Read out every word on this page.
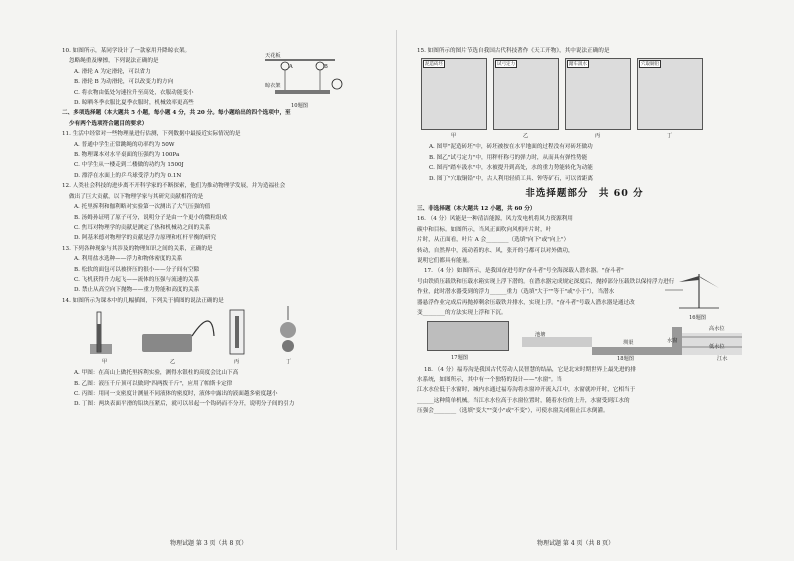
10. 如图所示，某同学设计了一款家用升降晾衣架。
忽略绳重及摩擦，下列说法正确的是
A. 滑轮 A 为定滑轮，可以省力
B. 滑轮 B 为动滑轮，可以改变力的方向
C. 将衣物由低处匀速拉升至高处，衣服动能变小
D. 晾晒冬季衣服比夏季衣服时，机械效率更高些
二、多项选择题（本大题共 5 小题，每小题 4 分，共 20 分。每小题给出的四个选项中，至
少有两个选项符合题目的要求）
11. 生活中经常对一些物理量进行估测，下列数据中最接近实际情况的是
A. 普通中学生正常跳绳的功率约为 50W
B. 物理课本对水平桌面的压强约为 100Pa
C. 中学生从一楼走到二楼做的功约为 1500J
D. 漂浮在水面上的乒乓球受浮力约为 0.1N
12. 人类社会科技的进步离不开科学家的不断探索，他们为推动物理学发展，并为造福社会
做出了巨大贡献，以下物理学家与其研究贡献相符的是
A. 托里拆利和伽利略对实验第一次测出了大气压强的值
B. 汤姆孙证明了原子可分，说明分子是由一个更小的微粒组成
C. 焦耳对物理学的贡献是测定了热和机械功之间的关系
D. 阿基米德对物理学的贡献是浮力原理和杠杆平衡的研究
13. 下列各种现象与其涉及的物理知识之间的关系，正确的是
A. 利用盐水选种——浮力和物体密度的关系
B. 松软的面包可以被挤压的很小——分子间有空隙
C. 飞机获得升力起飞——流体的压强与流速的关系
D. 禁止从高空向下抛物——重力势能和高度的关系
14. 如图所示为课本中的几幅插图，下列关于插图的说法正确的是
甲	乙	丙	丁
A. 甲图：在高山上做托里拆利实验，测得水银柱的高度会比山下高
B. 乙图：液压千斤顶可以做到"四两拨千斤"，应用了帕斯卡定律
C. 丙图：用同一支密度计测量不同液体的密度时，液体中露出的液面越多密度越小
D. 丁图：两块表面平滑的铅块压紧后，就可以吊起一个钩码而不分开，说明分子间的引力
物理试题 第 3 页（共 8 页）
天花板
晾衣架
A	B
10题图
15. 如图所示的图片节选自我国古代科技著作《天工开物》，其中说法正确的是
泥造砖坯	试弓定力	踏车汲水	穴取铜铅
甲	乙	丙	丁
A. 图甲"泥造砖坯"中，砖坯被按在水平地面的过程没有对砖坯做功
B. 图乙"试弓定力"中，用秤杆称弓的弹力时，从而具有弹性势能
C. 图丙"踏车汲水"中，水被提升到高处，水的重力势能转化为动能
D. 图丁"穴取铜铅"中，古人利用轻质工具、钟等矿石，可以省距离
非选择题部分　共 60 分
三、非选择题（本大题共 12 小题，共 60 分）
16. （4 分）风能是一种清洁能源，风力发电机将风力资源利用
碳中和目标。如图所示，当风正面吹向风机叶片时，叶
片时，从正面看，叶片 A 会________（选填"向下"或"向上"）
转动，自然界中，流动着的水、风，张开的弓都可以对外做功，
说明它们都具有能量。
17. （4 分）如图所示，是我国奋进号的"奋斗者"号全海深载人潜水器。"奋斗者"
号由铁质压载铁和压载水箱实现上浮下潜的。在潜水器完成规定深度后，抛掉部分压载铁以保持浮力进行
作业，此时潜水器受到的浮力______重力（选填"大于""等于"或"小于"），当潜水
器悬浮作业完成后再抛掉剩余压载铁并排水，实现上浮。"奋斗者"号载人潜水器是通过改
变________的方法实现上浮和下沉。
17题图
池塘
水窗
圳渠
高水位
低水位
江水
18题图
18. （4 分）福寿沟是我国古代劳动人民智慧的结晶，它是北宋时期世界上最先进的排
水系统，如图所示，其中有一个独特的设计——"水窗"。当
江水水位低于水窗时，城内水通过福寿沟将水窗冲开流入江中，水窗就冲开时，它相当于
______这种简单机械。当江水水位高于水窗位置时，随着水位的上升，水窗受到江水的
压强会________（选填"变大""变小"或"不变"），可使水窗关闭阻止江水倒灌。
物理试题 第 4 页（共 8 页）
16题图
